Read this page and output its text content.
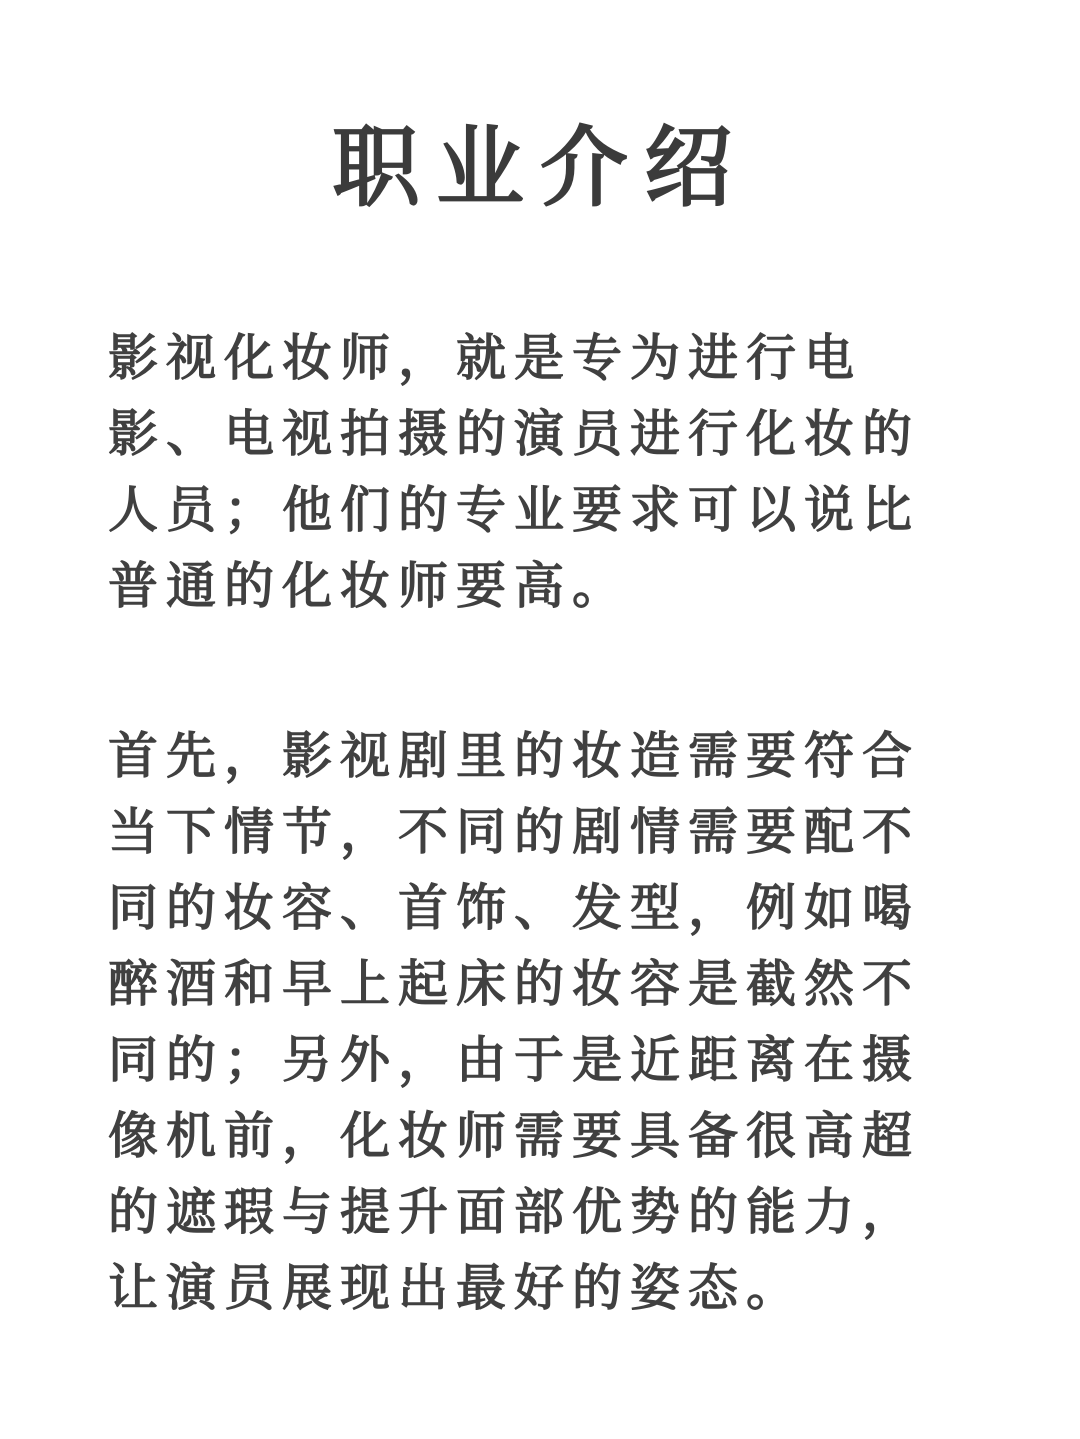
职业介绍
影视化妆师，就是专为进行电
影、电视拍摄的演员进行化妆的
人员；他们的专业要求可以说比
普通的化妆师要高。
首先，影视剧里的妆造需要符合
当下情节，不同的剧情需要配不
同的妆容、首饰、发型，例如喝
醉酒和早上起床的妆容是截然不
同的；另外，由于是近距离在摄
像机前，化妆师需要具备很高超
的遮瑕与提升面部优势的能力，
让演员展现出最好的姿态。
